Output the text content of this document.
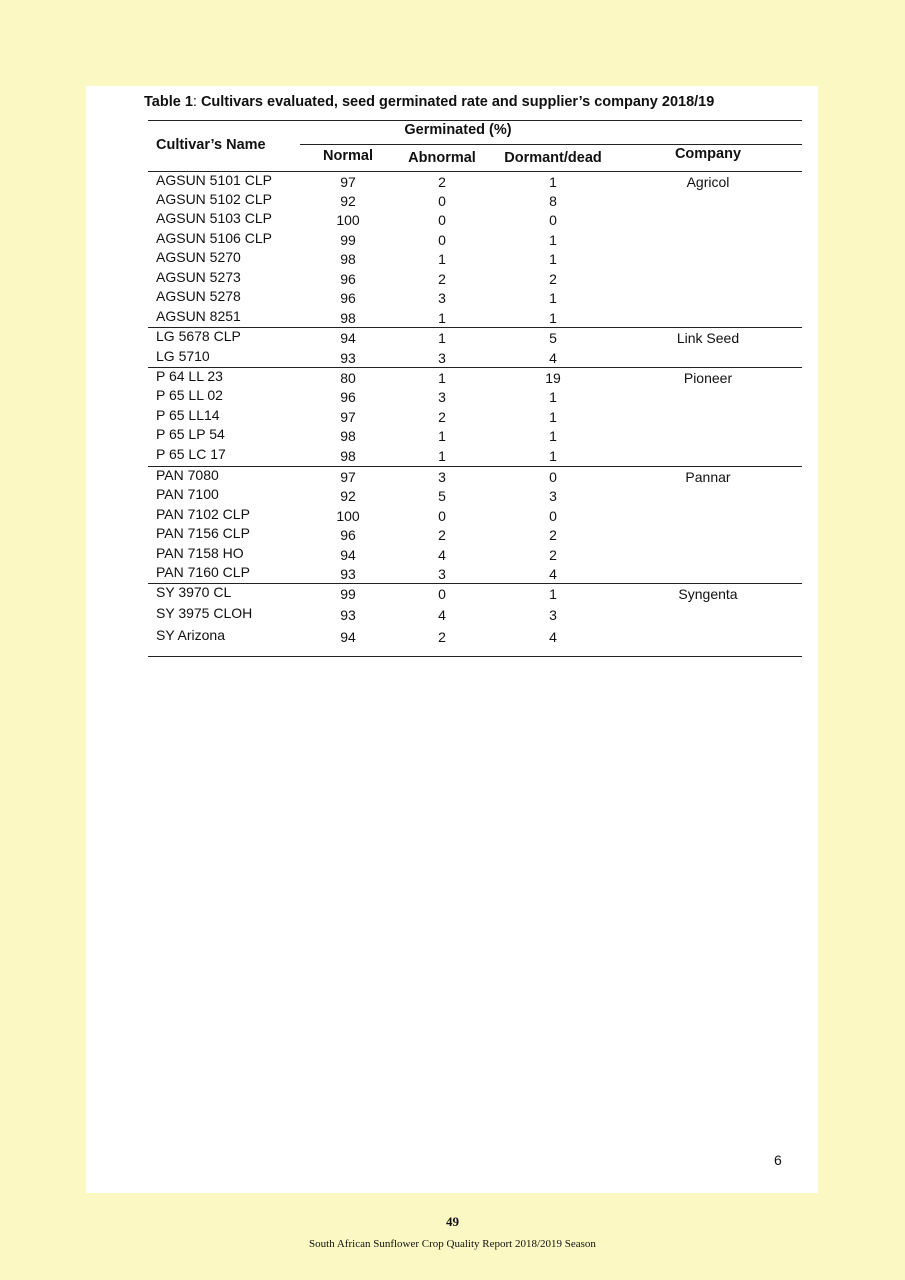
Table 1: Cultivars evaluated, seed germinated rate and supplier’s company 2018/19
Cultivar’s Name
Germinated (%)
Normal	Abnormal	Dormant/dead	Company
AGSUN 5101 CLP	97	2	1	Agricol
AGSUN 5102 CLP	92	0	8
AGSUN 5103 CLP	100	0	0
AGSUN 5106 CLP	99	0	1
AGSUN 5270	98	1	1
AGSUN 5273	96	2	2
AGSUN 5278	96	3	1
AGSUN 8251	98	1	1
LG 5678 CLP	94	1	5	Link Seed
LG 5710	93	3	4
P 64 LL 23	80	1	19	Pioneer
P 65 LL 02	96	3	1
P 65 LL14	97	2	1
P 65 LP 54	98	1	1
P 65 LC 17	98	1	1
PAN 7080	97	3	0	Pannar
PAN 7100	92	5	3
PAN 7102 CLP	100	0	0
PAN 7156 CLP	96	2	2
PAN 7158 HO	94	4	2
PAN 7160 CLP	93	3	4
SY 3970 CL	99	0	1	Syngenta
SY 3975 CLOH	93	4	3
SY Arizona	94	2	4
6
49
South African Sunflower Crop Quality Report 2018/2019 Season
